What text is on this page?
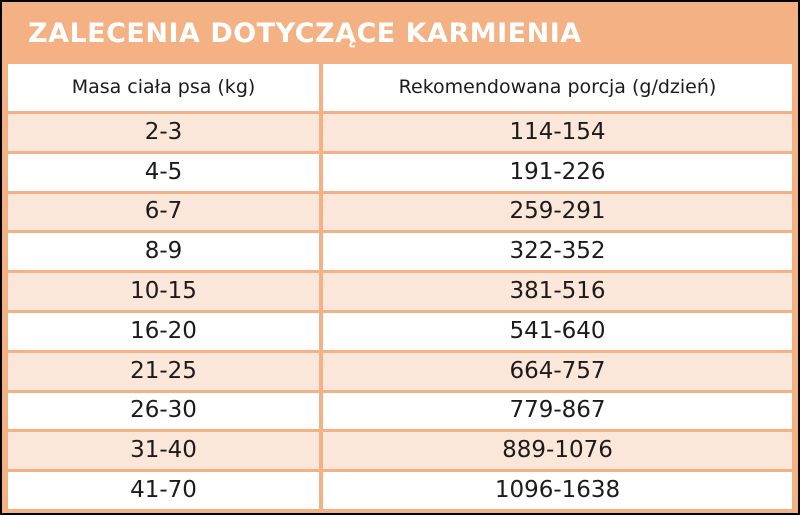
ZALECENIA DOTYCZĄCE KARMIENIA
Masa ciała psa (kg)	Rekomendowana porcja (g/dzień)
2-3	114-154
4-5	191-226
6-7	259-291
8-9	322-352
10-15	381-516
16-20	541-640
21-25	664-757
26-30	779-867
31-40	889-1076
41-70	1096-1638
